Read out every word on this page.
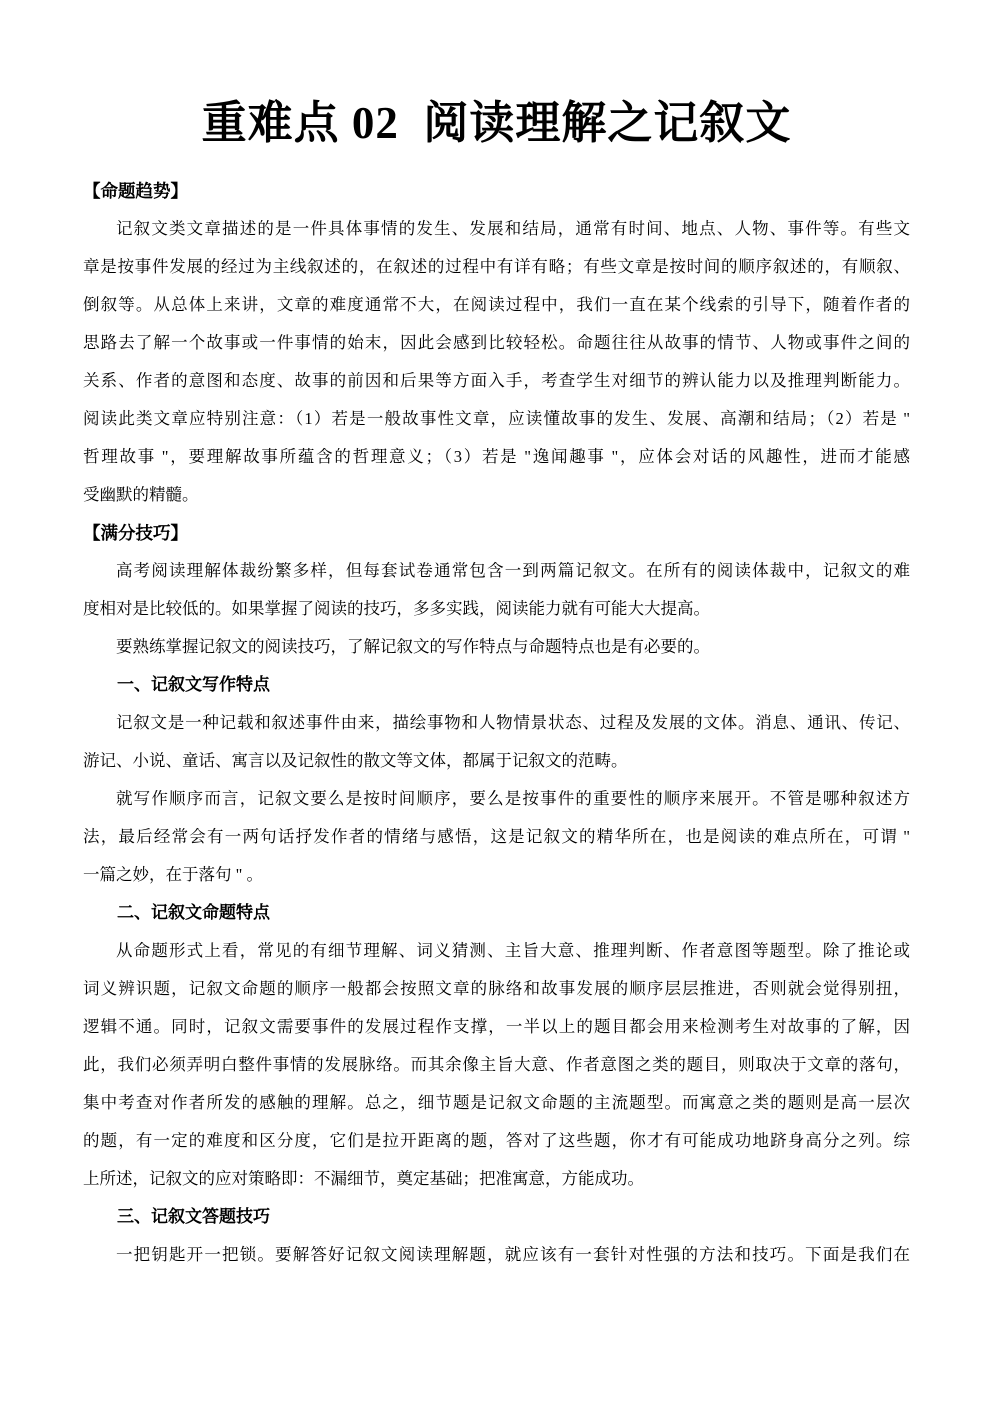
重难点 02  阅读理解之记叙文
【命题趋势】
记叙文类文章描述的是一件具体事情的发生、发展和结局，通常有时间、地点、人物、事件等。有些文
章是按事件发展的经过为主线叙述的，在叙述的过程中有详有略；有些文章是按时间的顺序叙述的，有顺叙、
倒叙等。从总体上来讲，文章的难度通常不大，在阅读过程中，我们一直在某个线索的引导下，随着作者的
思路去了解一个故事或一件事情的始末，因此会感到比较轻松。命题往往从故事的情节、人物或事件之间的
关系、作者的意图和态度、故事的前因和后果等方面入手，考查学生对细节的辨认能力以及推理判断能力。
阅读此类文章应特别注意：（1）若是一般故事性文章，应读懂故事的发生、发展、高潮和结局；（2）若是 "
哲理故事 "，要理解故事所蕴含的哲理意义；（3）若是 "逸闻趣事 "，应体会对话的风趣性，进而才能感
受幽默的精髓。
【满分技巧】
高考阅读理解体裁纷繁多样，但每套试卷通常包含一到两篇记叙文。在所有的阅读体裁中，记叙文的难
度相对是比较低的。如果掌握了阅读的技巧，多多实践，阅读能力就有可能大大提高。
要熟练掌握记叙文的阅读技巧，了解记叙文的写作特点与命题特点也是有必要的。
一、记叙文写作特点
记叙文是一种记载和叙述事件由来，描绘事物和人物情景状态、过程及发展的文体。消息、通讯、传记、
游记、小说、童话、寓言以及记叙性的散文等文体，都属于记叙文的范畴。
就写作顺序而言，记叙文要么是按时间顺序，要么是按事件的重要性的顺序来展开。不管是哪种叙述方
法，最后经常会有一两句话抒发作者的情绪与感悟，这是记叙文的精华所在，也是阅读的难点所在，可谓 "
一篇之妙，在于落句 " 。
二、记叙文命题特点
从命题形式上看，常见的有细节理解、词义猜测、主旨大意、推理判断、作者意图等题型。除了推论或
词义辨识题，记叙文命题的顺序一般都会按照文章的脉络和故事发展的顺序层层推进，否则就会觉得别扭，
逻辑不通。同时，记叙文需要事件的发展过程作支撑，一半以上的题目都会用来检测考生对故事的了解，因
此，我们必须弄明白整件事情的发展脉络。而其余像主旨大意、作者意图之类的题目，则取决于文章的落句，
集中考查对作者所发的感触的理解。总之，细节题是记叙文命题的主流题型。而寓意之类的题则是高一层次
的题，有一定的难度和区分度，它们是拉开距离的题，答对了这些题，你才有可能成功地跻身高分之列。综
上所述，记叙文的应对策略即：不漏细节，奠定基础；把准寓意，方能成功。
三、记叙文答题技巧
一把钥匙开一把锁。要解答好记叙文阅读理解题，就应该有一套针对性强的方法和技巧。下面是我们在
